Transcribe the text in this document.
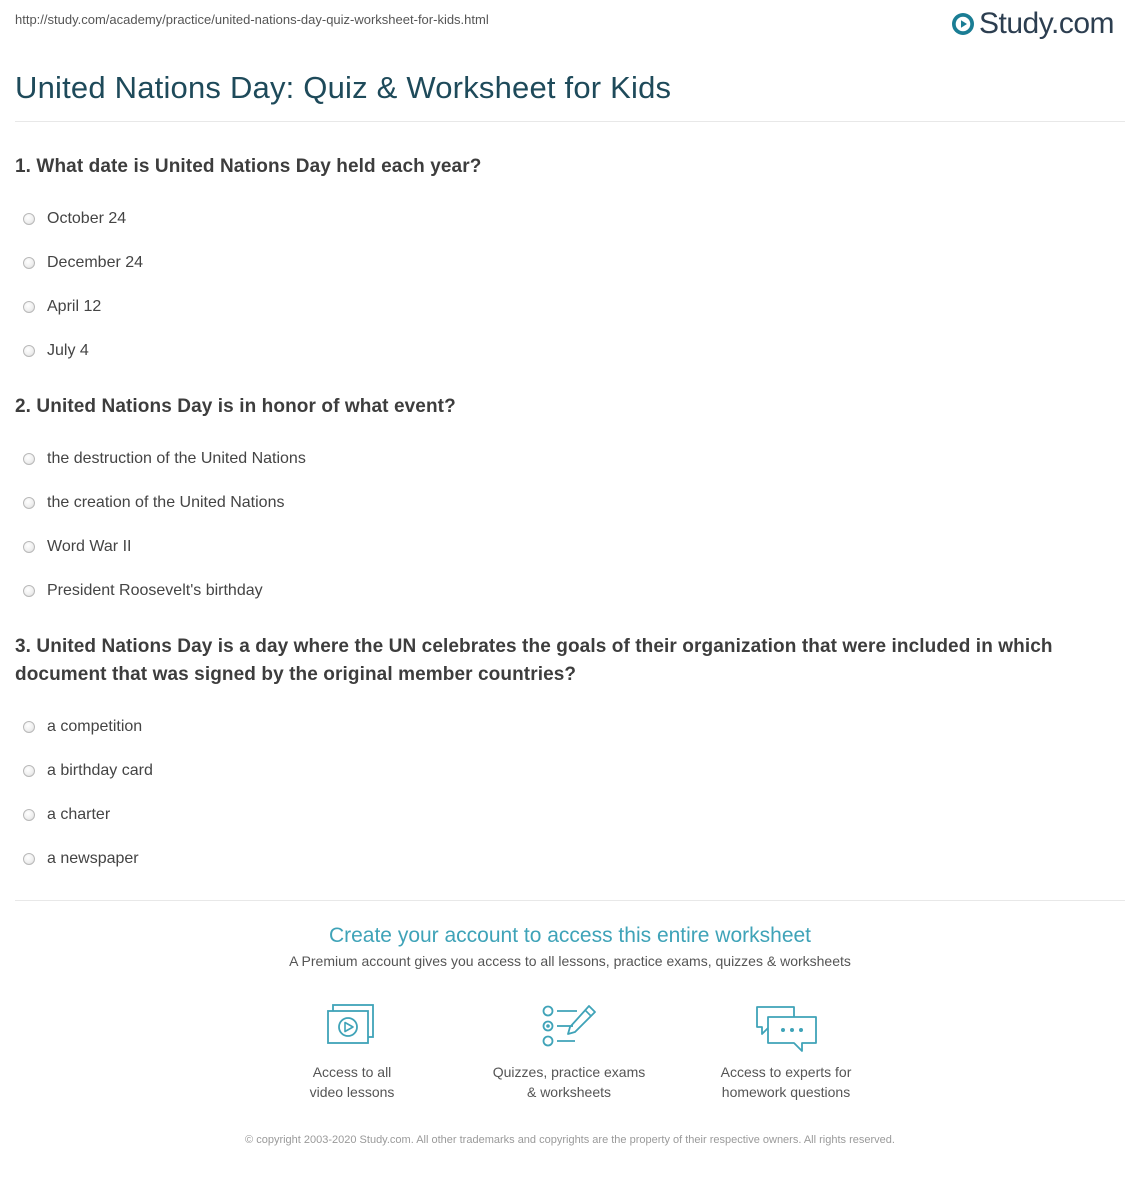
http://study.com/academy/practice/united-nations-day-quiz-worksheet-for-kids.html	Study.com
United Nations Day: Quiz & Worksheet for Kids

1. What date is United Nations Day held each year?

October 24
December 24
April 12
July 4

2. United Nations Day is in honor of what event?

the destruction of the United Nations
the creation of the United Nations
Word War II
President Roosevelt's birthday

3. United Nations Day is a day where the UN celebrates the goals of their organization that were included in which document that was signed by the original member countries?

a competition
a birthday card
a charter
a newspaper

Create your account to access this entire worksheet

A Premium account gives you access to all lessons, practice exams, quizzes & worksheets
Access to all
video lessons
Quizzes, practice exams
& worksheets
Access to experts for
homework questions
© copyright 2003-2020 Study.com. All other trademarks and copyrights are the property of their respective owners. All rights reserved.
